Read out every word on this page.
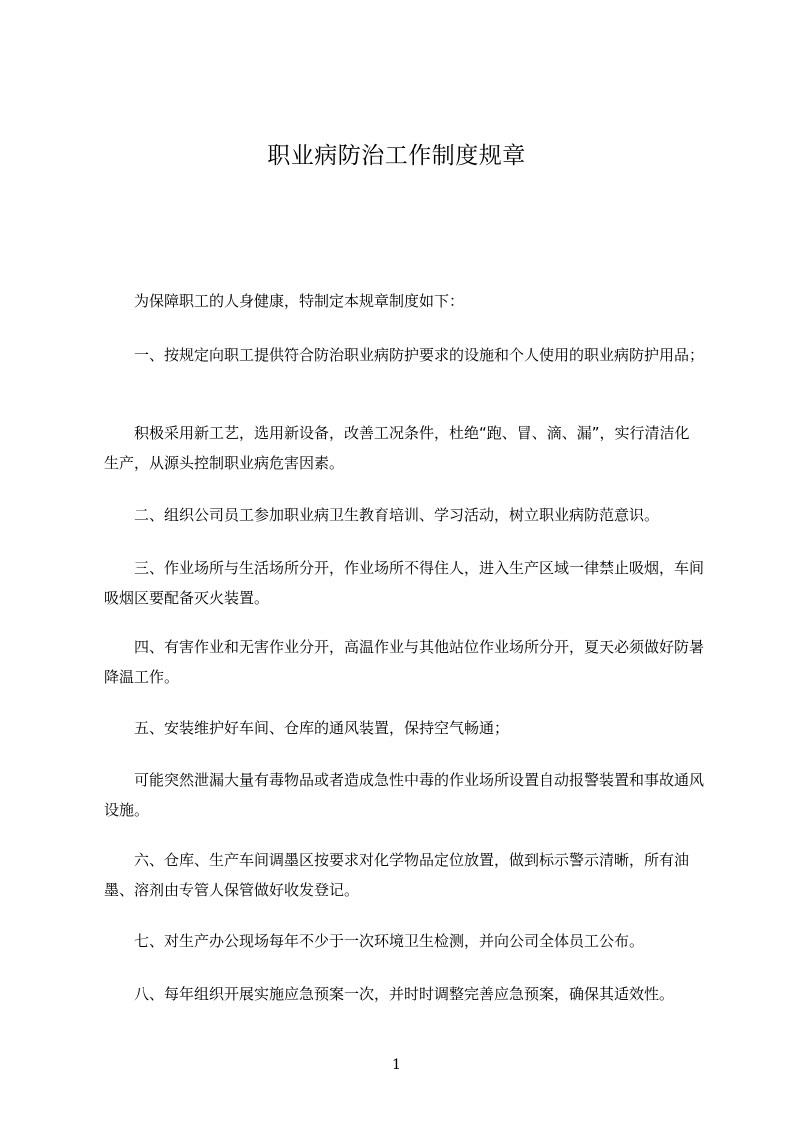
职业病防治工作制度规章

为保障职工的人身健康，特制定本规章制度如下：

一、按规定向职工提供符合防治职业病防护要求的设施和个人使用的职业病防护用品；

积极采用新工艺，选用新设备，改善工况条件，杜绝“跑、冒、滴、漏”，实行清洁化生产，从源头控制职业病危害因素。

二、组织公司员工参加职业病卫生教育培训、学习活动，树立职业病防范意识。

三、作业场所与生活场所分开，作业场所不得住人，进入生产区域一律禁止吸烟，车间吸烟区要配备灭火装置。

四、有害作业和无害作业分开，高温作业与其他站位作业场所分开，夏天必须做好防暑降温工作。

五、安装维护好车间、仓库的通风装置，保持空气畅通；

可能突然泄漏大量有毒物品或者造成急性中毒的作业场所设置自动报警装置和事故通风设施。

六、仓库、生产车间调墨区按要求对化学物品定位放置，做到标示警示清晰，所有油墨、溶剂由专管人保管做好收发登记。

七、对生产办公现场每年不少于一次环境卫生检测，并向公司全体员工公布。

八、每年组织开展实施应急预案一次，并时时调整完善应急预案，确保其适效性。

1
